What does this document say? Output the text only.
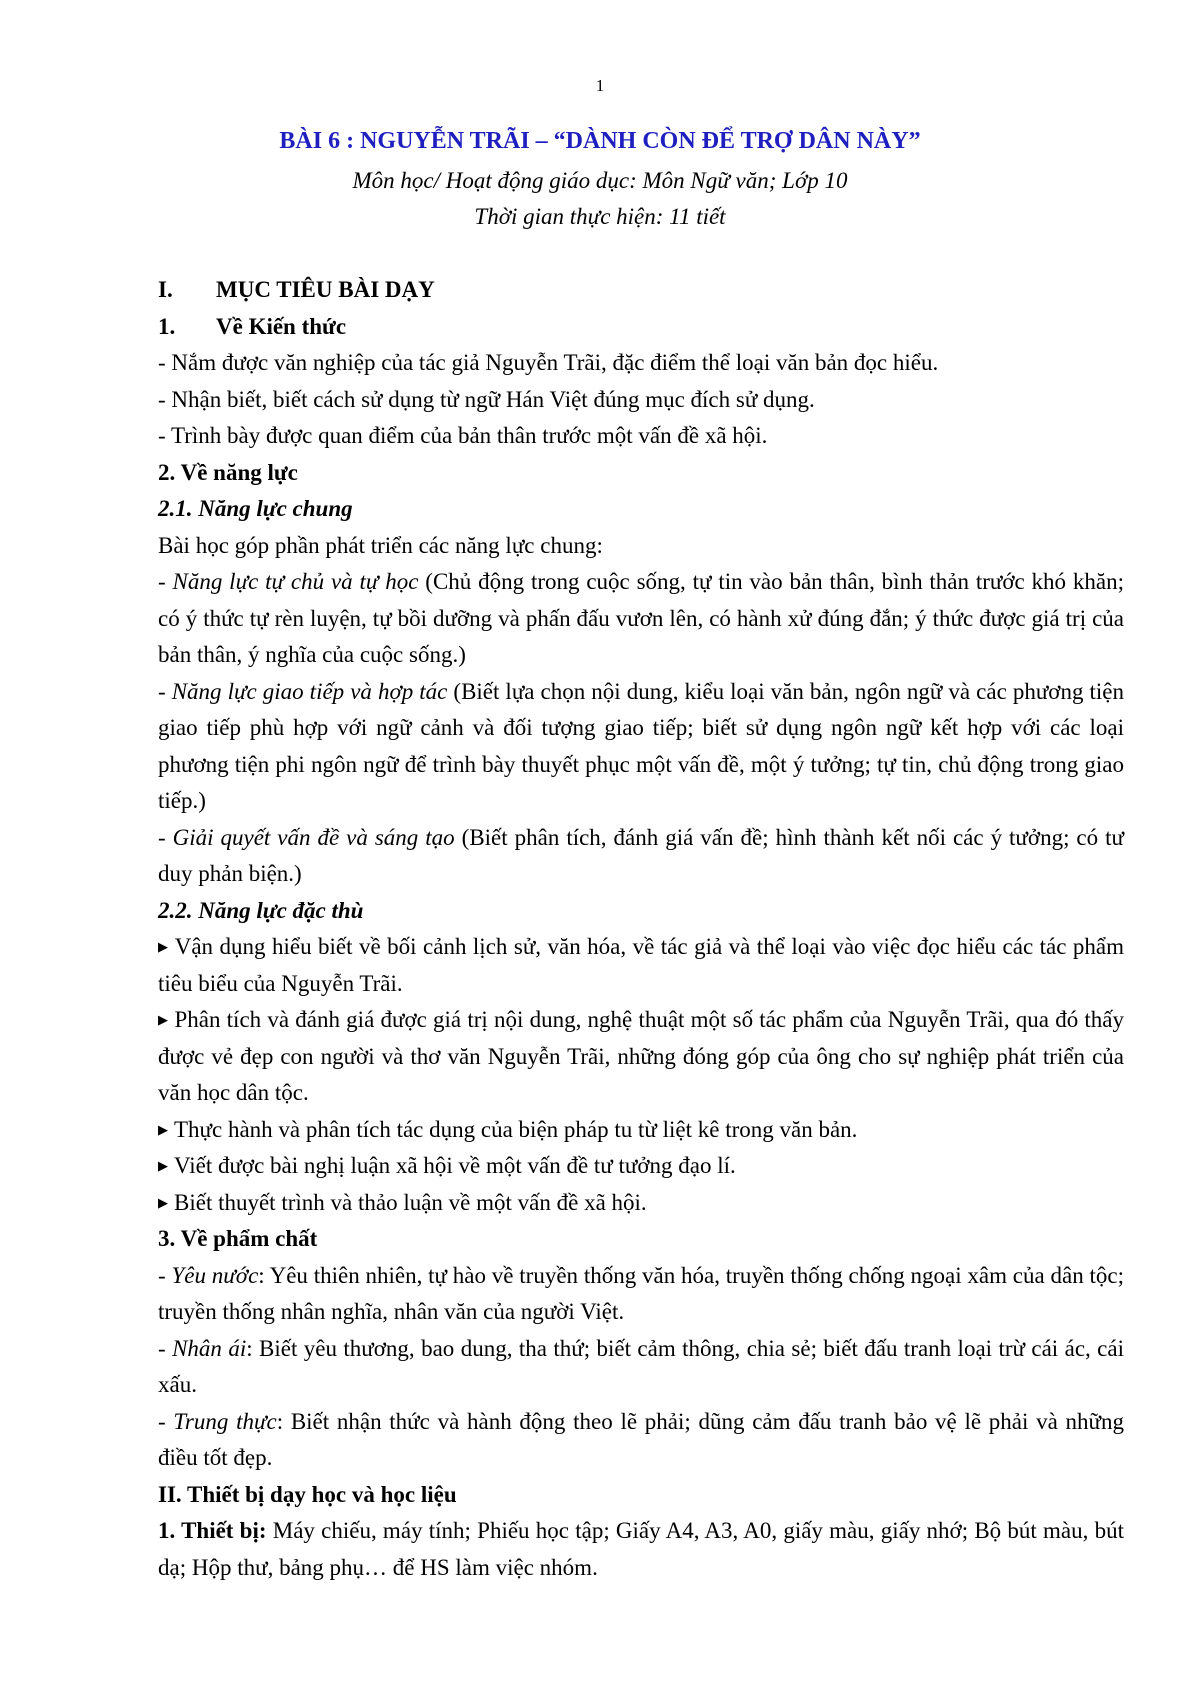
1
BÀI 6 : NGUYỄN TRÃI – “DÀNH CÒN ĐỂ TRỢ DÂN NÀY”
Môn học/ Hoạt động giáo dục: Môn Ngữ văn; Lớp 10
Thời gian thực hiện: 11 tiết

I. MỤC TIÊU BÀI DẠY

1. Về Kiến thức

- Nắm được văn nghiệp của tác giả Nguyễn Trãi, đặc điểm thể loại văn bản đọc hiểu.

- Nhận biết, biết cách sử dụng từ ngữ Hán Việt đúng mục đích sử dụng.

- Trình bày được quan điểm của bản thân trước một vấn đề xã hội.

2. Về năng lực

2.1. Năng lực chung

Bài học góp phần phát triển các năng lực chung:

- Năng lực tự chủ và tự học (Chủ động trong cuộc sống, tự tin vào bản thân, bình thản trước khó khăn; có ý thức tự rèn luyện, tự bồi dưỡng và phấn đấu vươn lên, có hành xử đúng đắn; ý thức được giá trị của bản thân, ý nghĩa của cuộc sống.)

- Năng lực giao tiếp và hợp tác (Biết lựa chọn nội dung, kiểu loại văn bản, ngôn ngữ và các phương tiện giao tiếp phù hợp với ngữ cảnh và đối tượng giao tiếp; biết sử dụng ngôn ngữ kết hợp với các loại phương tiện phi ngôn ngữ để trình bày thuyết phục một vấn đề, một ý tưởng; tự tin, chủ động trong giao tiếp.)

- Giải quyết vấn đề và sáng tạo (Biết phân tích, đánh giá vấn đề; hình thành kết nối các ý tưởng; có tư duy phản biện.)

2.2. Năng lực đặc thù

▶ Vận dụng hiểu biết về bối cảnh lịch sử, văn hóa, về tác giả và thể loại vào việc đọc hiểu các tác phẩm tiêu biểu của Nguyễn Trãi.

▶ Phân tích và đánh giá được giá trị nội dung, nghệ thuật một số tác phẩm của Nguyễn Trãi, qua đó thấy được vẻ đẹp con người và thơ văn Nguyễn Trãi, những đóng góp của ông cho sự nghiệp phát triển của văn học dân tộc.

▶ Thực hành và phân tích tác dụng của biện pháp tu từ liệt kê trong văn bản.

▶ Viết được bài nghị luận xã hội về một vấn đề tư tưởng đạo lí.

▶ Biết thuyết trình và thảo luận về một vấn đề xã hội.

3. Về phẩm chất

- Yêu nước: Yêu thiên nhiên, tự hào về truyền thống văn hóa, truyền thống chống ngoại xâm của dân tộc; truyền thống nhân nghĩa, nhân văn của người Việt.

- Nhân ái: Biết yêu thương, bao dung, tha thứ; biết cảm thông, chia sẻ; biết đấu tranh loại trừ cái ác, cái xấu.

- Trung thực: Biết nhận thức và hành động theo lẽ phải; dũng cảm đấu tranh bảo vệ lẽ phải và những điều tốt đẹp.

II. Thiết bị dạy học và học liệu

1. Thiết bị: Máy chiếu, máy tính; Phiếu học tập; Giấy A4, A3, A0, giấy màu, giấy nhớ; Bộ bút màu, bút dạ; Hộp thư, bảng phụ… để HS làm việc nhóm.
